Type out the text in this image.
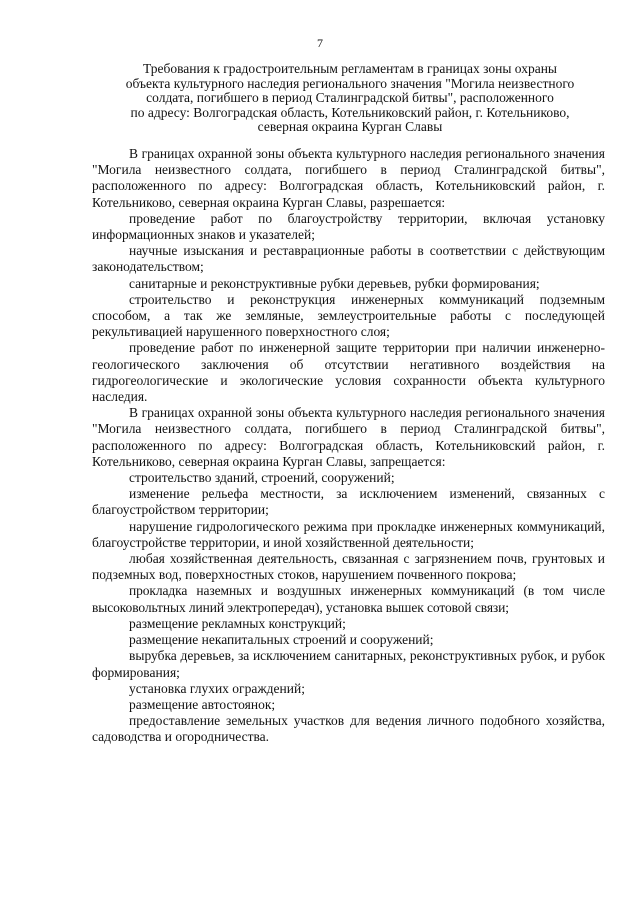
7
Требования к градостроительным регламентам в границах зоны охраны
объекта культурного наследия регионального значения "Могила неизвестного
солдата, погибшего в период Сталинградской битвы", расположенного
по адресу: Волгоградская область, Котельниковский район, г. Котельниково,
северная окраина Курган Славы

В границах охранной зоны объекта культурного наследия регионального значения "Могила неизвестного солдата, погибшего в период Сталинградской битвы", расположенного по адресу: Волгоградская область, Котельниковский район, г. Котельниково, северная окраина Курган Славы, разрешается:

проведение работ по благоустройству территории, включая установку информационных знаков и указателей;

научные изыскания и реставрационные работы в соответствии с действующим законодательством;

санитарные и реконструктивные рубки деревьев, рубки формирования;

строительство и реконструкция инженерных коммуникаций подземным способом, а так же земляные, землеустроительные работы с последующей рекультивацией нарушенного поверхностного слоя;

проведение работ по инженерной защите территории при наличии инженерно-геологического заключения об отсутствии негативного воздействия на гидрогеологические и экологические условия сохранности объекта культурного наследия.

В границах охранной зоны объекта культурного наследия регионального значения "Могила неизвестного солдата, погибшего в период Сталинградской битвы", расположенного по адресу: Волгоградская область, Котельниковский район, г. Котельниково, северная окраина Курган Славы, запрещается:

строительство зданий, строений, сооружений;

изменение рельефа местности, за исключением изменений, связанных с благоустройством территории;

нарушение гидрологического режима при прокладке инженерных коммуникаций, благоустройстве территории, и иной хозяйственной деятельности;

любая хозяйственная деятельность, связанная с загрязнением почв, грунтовых и подземных вод, поверхностных стоков, нарушением почвенного покрова;

прокладка наземных и воздушных инженерных коммуникаций (в том числе высоковольтных линий электропередач), установка вышек сотовой связи;

размещение рекламных конструкций;

размещение некапитальных строений и сооружений;

вырубка деревьев, за исключением санитарных, реконструктивных рубок, и рубок формирования;

установка глухих ограждений;

размещение автостоянок;

предоставление земельных участков для ведения личного подобного хозяйства, садоводства и огородничества.
